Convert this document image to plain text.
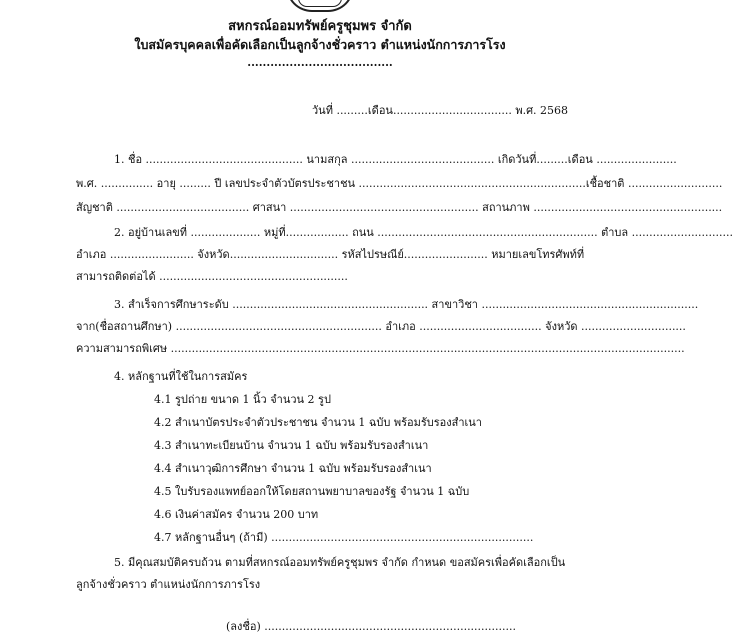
สหกรณ์ออมทรัพย์ครูชุมพร จำกัด
ใบสมัครบุคคลเพื่อคัดเลือกเป็นลูกจ้างชั่วคราว ตำแหน่งนักการภารโรง
......................................
วันที่ .........เดือน.................................. พ.ศ. 2568
1. ชื่อ ............................................. นามสกุล ......................................... เกิดวันที่.........เดือน .......................
พ.ศ. ............... อายุ ......... ปี เลขประจำตัวบัตรประชาชน .................................................................เชื้อชาติ ...........................
สัญชาติ ...................................... ศาสนา ...................................................... สถานภาพ ......................................................
2. อยู่บ้านเลขที่ .................... หมู่ที่.................. ถนน ............................................................... ตำบล .............................
อำเภอ ........................ จังหวัด............................... รหัสไปรษณีย์........................ หมายเลขโทรศัพท์ที่
สามารถติดต่อได้ ......................................................
3. สำเร็จการศึกษาระดับ ........................................................ สาขาวิชา ..............................................................
จาก(ชื่อสถานศึกษา) ........................................................... อำเภอ ................................... จังหวัด ..............................
ความสามารถพิเศษ ...................................................................................................................................................
4. หลักฐานที่ใช้ในการสมัคร
4.1 รูปถ่าย ขนาด 1 นิ้ว จำนวน 2 รูป
4.2 สำเนาบัตรประจำตัวประชาชน จำนวน 1 ฉบับ พร้อมรับรองสำเนา
4.3 สำเนาทะเบียนบ้าน จำนวน 1 ฉบับ พร้อมรับรองสำเนา
4.4 สำเนาวุฒิการศึกษา จำนวน 1 ฉบับ พร้อมรับรองสำเนา
4.5 ใบรับรองแพทย์ออกให้โดยสถานพยาบาลของรัฐ จำนวน 1 ฉบับ
4.6 เงินค่าสมัคร จำนวน 200 บาท
4.7 หลักฐานอื่นๆ (ถ้ามี) ...........................................................................
5. มีคุณสมบัติครบถ้วน ตามที่สหกรณ์ออมทรัพย์ครูชุมพร จำกัด กำหนด ขอสมัครเพื่อคัดเลือกเป็น
ลูกจ้างชั่วคราว ตำแหน่งนักการภารโรง
(ลงชื่อ) ........................................................................
